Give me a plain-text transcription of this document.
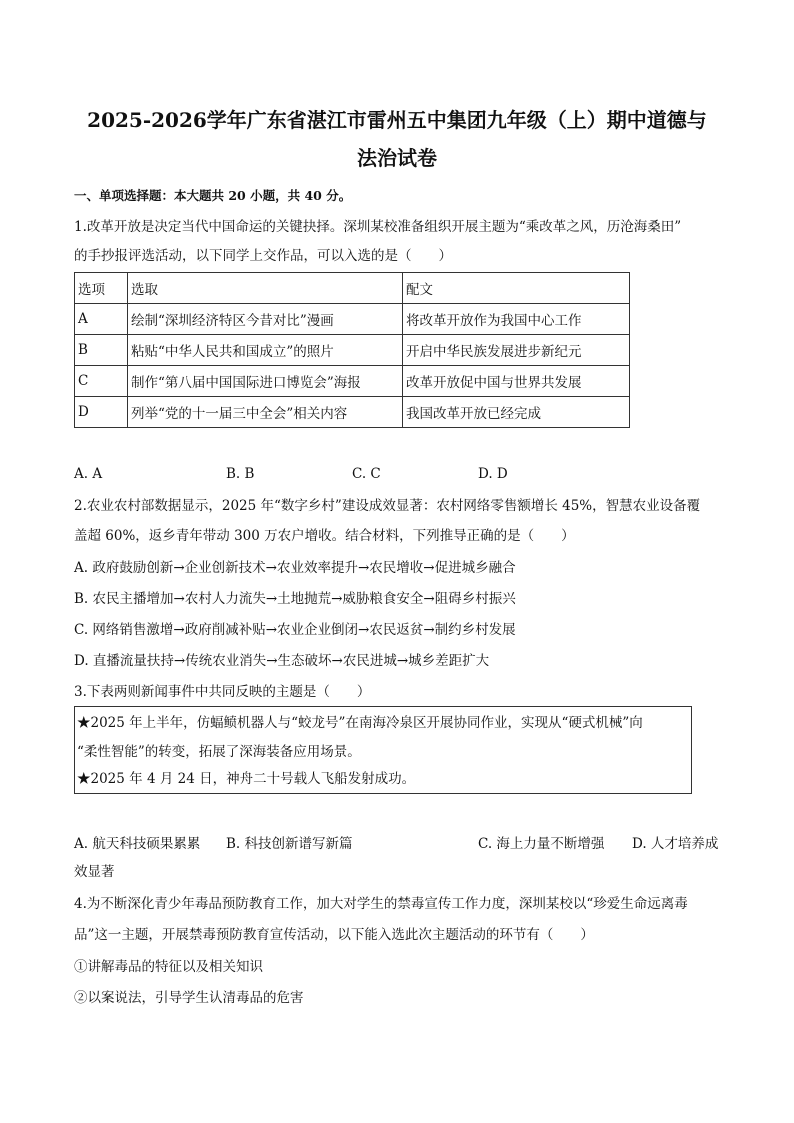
2025-2026学年广东省湛江市雷州五中集团九年级（上）期中道德与
法治试卷
一、单项选择题：本大题共 20 小题，共 40 分。
1.改革开放是决定当代中国命运的关键抉择。深圳某校准备组织开展主题为“乘改革之风，历沧海桑田”
的手抄报评选活动，以下同学上交作品，可以入选的是（　　）
选项	选取	配文
A	绘制“深圳经济特区今昔对比”漫画	将改革开放作为我国中心工作
B	粘贴“中华人民共和国成立”的照片	开启中华民族发展进步新纪元
C	制作“第八届中国国际进口博览会”海报	改革开放促中国与世界共发展
D	列举“党的十一届三中全会”相关内容	我国改革开放已经完成
A. A	B. B	C. C	D. D
2.农业农村部数据显示，2025 年“数字乡村”建设成效显著：农村网络零售额增长 45%，智慧农业设备覆
盖超 60%，返乡青年带动 300 万农户增收。结合材料，下列推导正确的是（　　）
A. 政府鼓励创新→企业创新技术→农业效率提升→农民增收→促进城乡融合
B. 农民主播增加→农村人力流失→土地抛荒→威胁粮食安全→阻碍乡村振兴
C. 网络销售激增→政府削减补贴→农业企业倒闭→农民返贫→制约乡村发展
D. 直播流量扶持→传统农业消失→生态破坏→农民进城→城乡差距扩大
3.下表两则新闻事件中共同反映的主题是（　　）
★2025 年上半年，仿蝠鲼机器人与“蛟龙号”在南海冷泉区开展协同作业，实现从“硬式机械”向
“柔性智能”的转变，拓展了深海装备应用场景。
★2025 年 4 月 24 日，神舟二十号载人飞船发射成功。
A. 航天科技硕果累累 B. 科技创新谱写新篇	C. 海上力量不断增强 D. 人才培养成
效显著
4.为不断深化青少年毒品预防教育工作，加大对学生的禁毒宣传工作力度，深圳某校以“珍爱生命远离毒
品”这一主题，开展禁毒预防教育宣传活动，以下能入选此次主题活动的环节有（　　）
①讲解毒品的特征以及相关知识
②以案说法，引导学生认清毒品的危害
